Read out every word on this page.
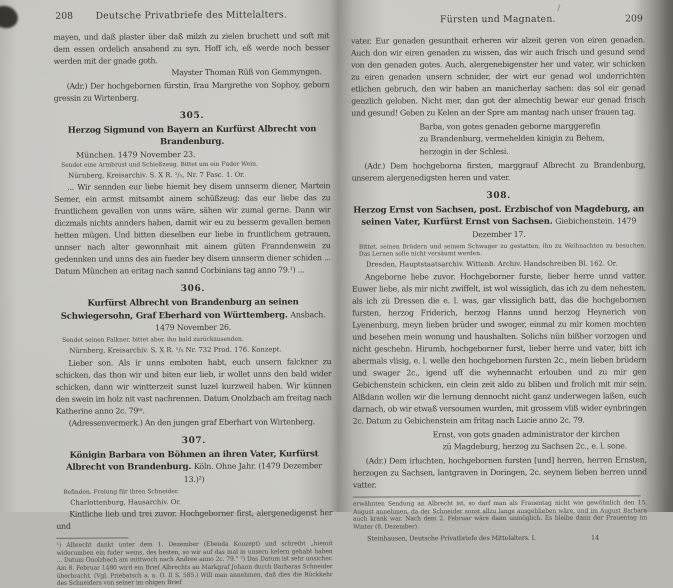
208	Deutsche Privatbriefe des Mittelalters.
mayen, und daß plaster über daß milzh zu zielen bruchett und soft mit dem essen ordelich ansahend zu syn. Hoff ich, eß werde noch besser werden mit der gnade goth.
Mayster Thoman Rüß von Gemmyngen.
(Adr.) Der hochgebornen fürstin, frau Margrethe von Sophoy, geborn gressin zu Wirtenberg.
305.
Herzog Sigmund von Bayern an Kurfürst Albrecht von Brandenburg.
München. 1479 November 23.
Sendet eine Armbrust und Schießzeug. Bittet um ein Fuder Wein.
Nürnberg, Kreisarchiv. S. X R. ¹/₅, Nr. 7 Fasc. 1. Or.
... Wir sennden eur liebe hiemit bey disem unnserm diener, Martein Semer, ein armst mitsambt ainem schüßzeug: das eur liebe das zu fruntlichem gevallen von unns wäre, sähen wir zumal gerne. Dann wir diczmals nichts annders haben, damit wir eu zu besserm gevallen bemen hetten mügen. Und bitten dieselben eur liebe in fruntlichem getrauen, unnser nach alter gewonnhait mit ainem güten Franndenwein zu gedennken und unns des ain fueder bey disem unnserm diener schiden ... Datum München an eritag nach sannd Corbinians tag anno 79.¹) ...
306.
Kurfürst Albrecht von Brandenburg an seinen Schwiegersohn, Graf Eberhard von Württemberg. Ansbach. 1479 November 26.
Sendet seinen Falkner, bittet aber, ihn bald zurückzusenden.
Nürnberg, Kreisarchiv. S. X R. ¹/₅ Nr. 732 Prod. 176. Konzept.
Lieber son. Als ir unns emboten habt, euch unsern falckner zu schicken, das thon wir und biten eur lieb, ir wollet unns den bald wider schicken, dann wir wintterzeit sunst luzel kurzweil haben. Wir künnen den swein im holz nit vast nachrennen. Datum Onolzbach am freitag nach Katherine anno 2c. 79ᵗᵉ.
(Adressenvermerk.) An den jungen graf Eberhart von Wirtenberg.
307.
Königin Barbara von Böhmen an ihren Vater, Kurfürst Albrecht von Brandenburg. Köln. Ohne Jahr. (1479 Dezember 13.)²)
Befinden. Freiung für ihren Schneider.
Charlottenburg, Hausarchiv. Or.
Kintliche lieb und trei zuvor. Hochgeborner first, alergenedigenst her und
¹) Albrecht dankt unter dem 1. Dezember (Ebenda Konzept) und schreibt „hiemit widerumben ein fuder weins, des besten, so wir auf das mal in unsern kelern gehabt haben ... Datum Onolzbach am mittwoch nach Andree anno 2c. 79.“ ²) Das Datum ist sehr unsicher. Am 8. Februar 1480 wird ein Brief Albrechts an Markgraf Johann durch Barbaras Schneider überbracht. (Vgl. Priebatsch a. a. O. II S. 585.) Will man annehmen, daß dies die Rückkehr des Schneiders von seiner im obigen Brief
Fürsten und Magnaten.	209
vater. Eur genaden gesunthait erheren wir alzeit geren von eiren genaden. Auch don wir eiren genaden zu wissen, das wir auch frisch und gesund send von den genaden gotes. Auch, alergenebigenster her und vater, wir schicken zu eiren genaden unsern schnider, der wirt eur genad wol underrichten etlichen gebruch, den wir haben an manicherlay sachen: das sol eir genad genzlich geloben. Nicht mer, dan got der almechtig bewar eur genad frisch und gesund! Geben zu Kelen an der Spre am mantag nach unser frauen tag.
Barba, von gotes genaden geborne marggerefin
zu Brandenburg, vermehelden kinigin zu Behem,
herzogin in der Schlesi.
(Adr.) Dem hochgeborna firsten, marggrauf Albrecht zu Brandenburg, unserem alergenedigsten heren und vater.
308.
Herzog Ernst von Sachsen, post. Erzbischof von Magdeburg, an seinen Vater, Kurfürst Ernst von Sachsen. Giebichenstein. 1479 Dezember 17.
Bittet, seinen Brüdern und seinem Schwager zu gestatten, ihn zu Weihnachten zu besuchen. Das Lernen solle nicht versäumt werden.
Dresden, Hauptstaatsarchiv. Wittenb. Archiv. Handschreiben Bl. 162. Or.
Angeborne liebe zuvor. Hochgeborner furste, lieber herre unnd vatter. Euwer liebe, als mir nicht zwiffelt, ist wol wissiglich, das ich zu dem nehesten, als ich zü Dressen die e. l. was, gar vlissiglich batt, das die hochgebornen fursten, herzog Friderich, herzog Hanns unnd herzog Heynerich von Lyenenburg, meyn lieben brüder und swoger, einmal zu mir komen mochten und besehen mein wonung und haushalten. Solichs nün bißher vorzogen und nicht geschehn. Hirumb, hochgeborner furst, lieber herre und vater, bitt ich abermals vlisig, e. l. welle den hochgebornen fursten 2c., mein lieben brüdern und swager 2c., igend uff die wyhennacht erlouben und zu mir gen Gebichenstein schicken, ein clein zeit aldo zu bliben und frolich mit mir sein. Alßdann wollen wir die lernung dennocht nicht ganz underwegen laßen, euch darnach, ob wir etwaß versoumen wurden, mit grossem vliß wider eynbringen 2c. Datum zu Gebichenstein am fritag nach Lucie anno 2c. 79.
Ernst, von gots gnaden administrator der kirchen
zü Magdeburg, herzog zu Sachsen 2c., e. l. sone.
(Adr.) Dem irluchten, hochgebornen fursten [und] herren, herren Ernsten, herzogen zu Sachsen, lantgraven in Doringen, 2c. seynem lieben herren unnd vatter.
erwähnten Sendung an Albrecht ist, so darf man als Frauentag nicht wie gewöhnlich den 15. August annehmen, da der Schneider sonst allzu lange ausgeblieben wäre, und im August Barbara auch krank war. Nach dem 2. Februar wäre dann unmöglich. Es bleibe dann der Frauentag im Winter (8. Dezember).
Steinhausen, Deutsche Privatbriefe des Mittelalters. I.	14
